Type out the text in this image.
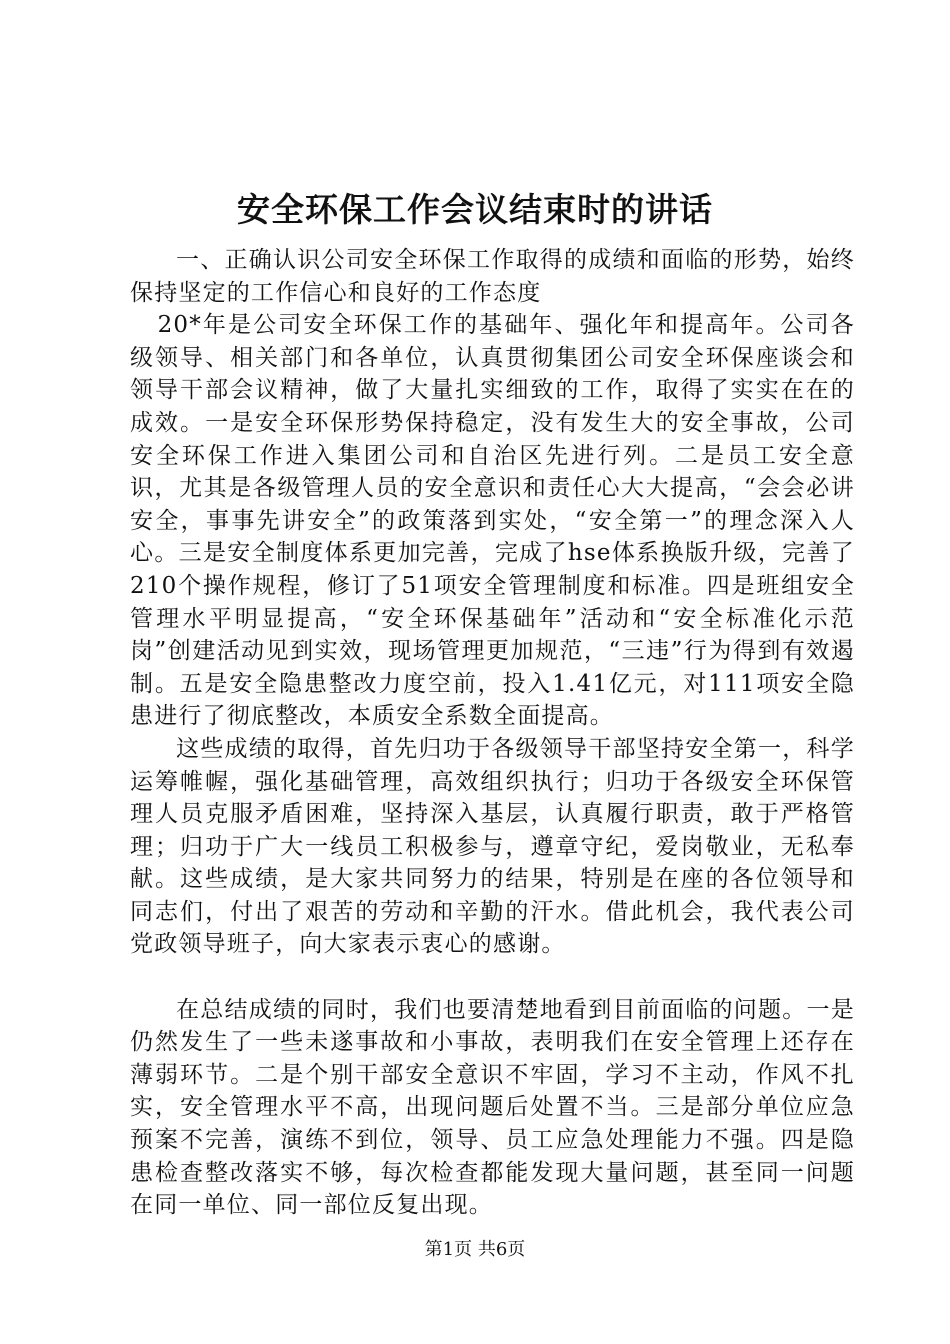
安全环保工作会议结束时的讲话

一、正确认识公司安全环保工作取得的成绩和面临的形势，始终保持坚定的工作信心和良好的工作态度

20*年是公司安全环保工作的基础年、强化年和提高年。公司各级领导、相关部门和各单位，认真贯彻集团公司安全环保座谈会和领导干部会议精神，做了大量扎实细致的工作，取得了实实在在的成效。一是安全环保形势保持稳定，没有发生大的安全事故，公司安全环保工作进入集团公司和自治区先进行列。二是员工安全意识，尤其是各级管理人员的安全意识和责任心大大提高，“会会必讲安全，事事先讲安全”的政策落到实处，“安全第一”的理念深入人心。三是安全制度体系更加完善，完成了hse体系换版升级，完善了210个操作规程，修订了51项安全管理制度和标准。四是班组安全管理水平明显提高，“安全环保基础年”活动和“安全标准化示范岗”创建活动见到实效，现场管理更加规范，“三违”行为得到有效遏制。五是安全隐患整改力度空前，投入1.41亿元，对111项安全隐患进行了彻底整改，本质安全系数全面提高。

这些成绩的取得，首先归功于各级领导干部坚持安全第一，科学运筹帷幄，强化基础管理，高效组织执行；归功于各级安全环保管理人员克服矛盾困难，坚持深入基层，认真履行职责，敢于严格管理；归功于广大一线员工积极参与，遵章守纪，爱岗敬业，无私奉献。这些成绩，是大家共同努力的结果，特别是在座的各位领导和同志们，付出了艰苦的劳动和辛勤的汗水。借此机会，我代表公司党政领导班子，向大家表示衷心的感谢。

在总结成绩的同时，我们也要清楚地看到目前面临的问题。一是仍然发生了一些未遂事故和小事故，表明我们在安全管理上还存在薄弱环节。二是个别干部安全意识不牢固，学习不主动，作风不扎实，安全管理水平不高，出现问题后处置不当。三是部分单位应急预案不完善，演练不到位，领导、员工应急处理能力不强。四是隐患检查整改落实不够，每次检查都能发现大量问题，甚至同一问题在同一单位、同一部位反复出现。

第1页 共6页
